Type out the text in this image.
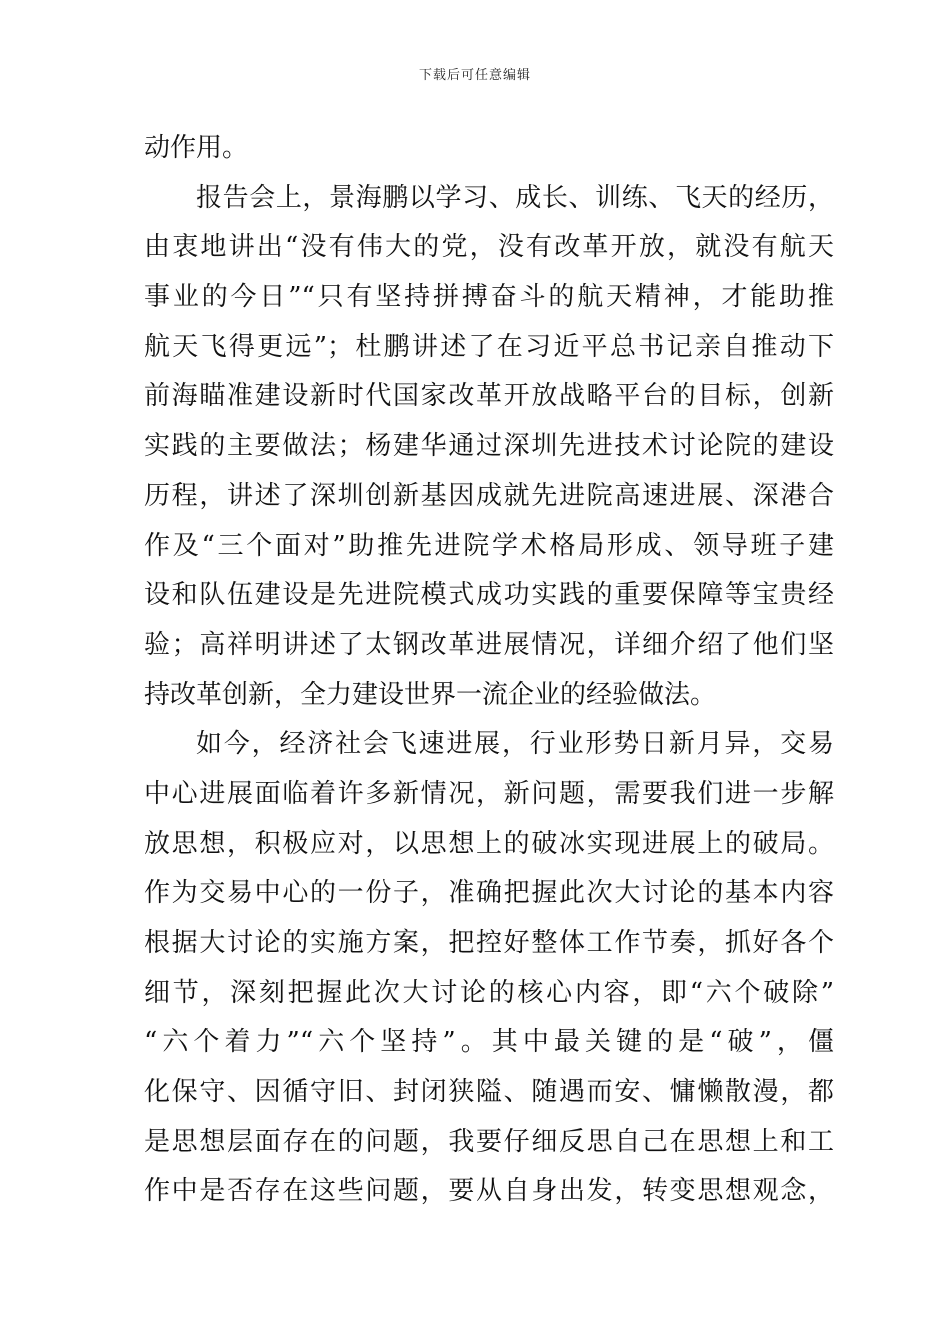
下载后可任意编辑
动作用。
报告会上，景海鹏以学习、成长、训练、飞天的经历，
由衷地讲出“没有伟大的党，没有改革开放，就没有航天
事业的今日”“只有坚持拼搏奋斗的航天精神，才能助推
航天飞得更远”；杜鹏讲述了在习近平总书记亲自推动下
前海瞄准建设新时代国家改革开放战略平台的目标，创新
实践的主要做法；杨建华通过深圳先进技术讨论院的建设
历程，讲述了深圳创新基因成就先进院高速进展、深港合
作及“三个面对”助推先进院学术格局形成、领导班子建
设和队伍建设是先进院模式成功实践的重要保障等宝贵经
验；高祥明讲述了太钢改革进展情况，详细介绍了他们坚
持改革创新，全力建设世界一流企业的经验做法。
如今，经济社会飞速进展，行业形势日新月异，交易
中心进展面临着许多新情况，新问题，需要我们进一步解
放思想，积极应对，以思想上的破冰实现进展上的破局。
作为交易中心的一份子，准确把握此次大讨论的基本内容
根据大讨论的实施方案，把控好整体工作节奏，抓好各个
细节，深刻把握此次大讨论的核心内容，即“六个破除”
“六个着力”“六个坚持”。其中最关键的是“破”，僵
化保守、因循守旧、封闭狭隘、随遇而安、慵懒散漫，都
是思想层面存在的问题，我要仔细反思自己在思想上和工
作中是否存在这些问题，要从自身出发，转变思想观念，
